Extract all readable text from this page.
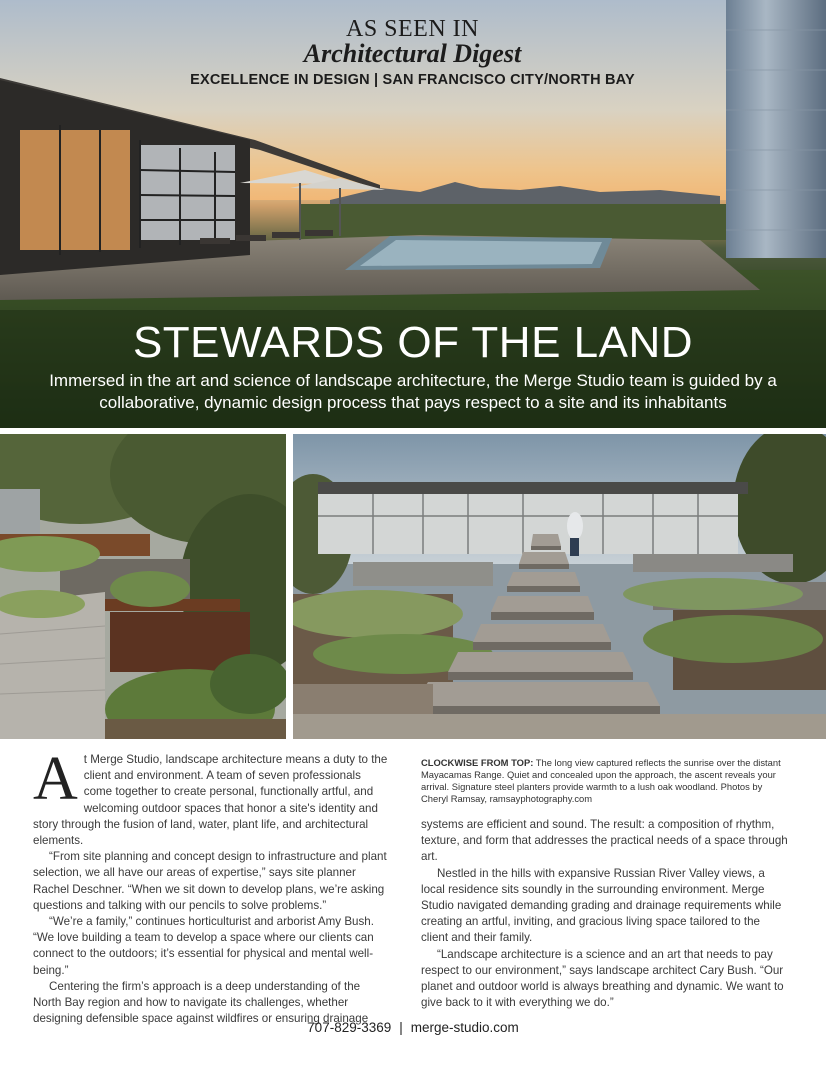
AS SEEN IN
Architectural Digest
EXCELLENCE IN DESIGN | SAN FRANCISCO CITY/NORTH BAY
STEWARDS OF THE LAND
Immersed in the art and science of landscape architecture, the Merge Studio team is guided by a collaborative, dynamic design process that pays respect to a site and its inhabitants

At Merge Studio, landscape architecture means a duty to the client and environment. A team of seven professionals come together to create personal, functionally artful, and welcoming outdoor spaces that honor a site's identity and story through the fusion of land, water, plant life, and architectural elements.

“From site planning and concept design to infrastructure and plant selection, we all have our areas of expertise,” says site planner Rachel Deschner. “When we sit down to develop plans, we’re asking questions and talking with our pencils to solve problems.”

“We’re a family,” continues horticulturist and arborist Amy Bush. “We love building a team to develop a space where our clients can connect to the outdoors; it’s essential for physical and mental well-being.”

Centering the firm’s approach is a deep understanding of the North Bay region and how to navigate its challenges, whether designing defensible space against wildfires or ensuring drainage

CLOCKWISE FROM TOP: The long view captured reflects the sunrise over the distant Mayacamas Range. Quiet and concealed upon the approach, the ascent reveals your arrival. Signature steel planters provide warmth to a lush oak woodland. Photos by Cheryl Ramsay, ramsayphotography.com

systems are efficient and sound. The result: a composition of rhythm, texture, and form that addresses the practical needs of a space through art.

Nestled in the hills with expansive Russian River Valley views, a local residence sits soundly in the surrounding environment. Merge Studio navigated demanding grading and drainage requirements while creating an artful, inviting, and gracious living space tailored to the client and their family.

“Landscape architecture is a science and an art that needs to pay respect to our environment,” says landscape architect Cary Bush. “Our planet and outdoor world is always breathing and dynamic. We want to give back to it with everything we do.”

707-829-3369 | merge-studio.com
